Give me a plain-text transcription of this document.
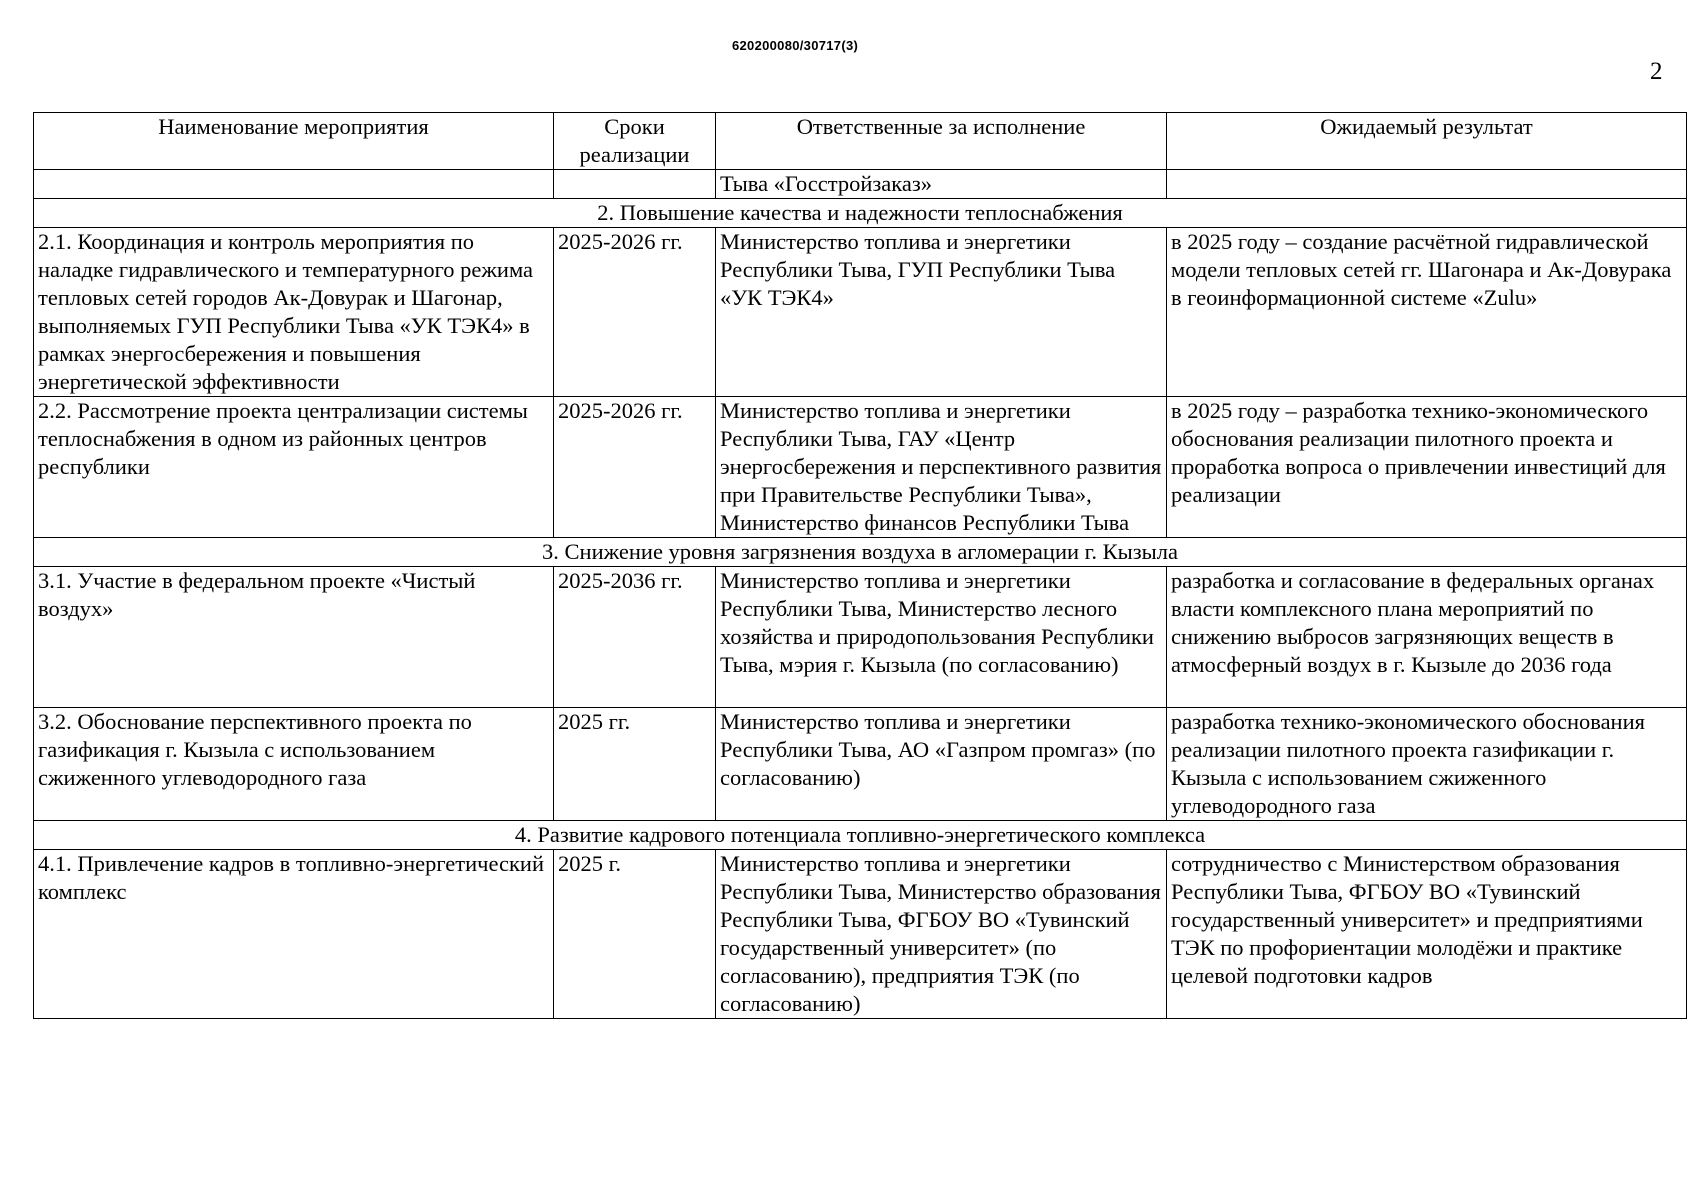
620200080/30717(3)
2
Наименование мероприятия	Сроки реализации	Ответственные за исполнение	Ожидаемый результат
		Тыва «Госстройзаказ»	
2. Повышение качества и надежности теплоснабжения			
2.1. Координация и контроль мероприятия по наладке гидравлического и температурного режима тепловых сетей городов Ак-Довурак и Шагонар, выполняемых ГУП Республики Тыва «УК ТЭК4» в рамках энергосбережения и повышения энергетической эффективности	2025-2026 гг.	Министерство топлива и энергетики Республики Тыва, ГУП Республики Тыва «УК ТЭК4»	в 2025 году – создание расчётной гидравлической модели тепловых сетей гг. Шагонара и Ак-Довурака в геоинформационной системе «Zulu»
2.2. Рассмотрение проекта централизации системы теплоснабжения в одном из районных центров республики	2025-2026 гг.	Министерство топлива и энергетики Республики Тыва, ГАУ «Центр энергосбережения и перспективного развития при Правительстве Республики Тыва», Министерство финансов Республики Тыва	в 2025 году – разработка технико-экономического обоснования реализации пилотного проекта и проработка вопроса о привлечении инвестиций для реализации
3. Снижение уровня загрязнения воздуха в агломерации г. Кызыла			
3.1. Участие в федеральном проекте «Чистый воздух»	2025-2036 гг.	Министерство топлива и энергетики Республики Тыва, Министерство лесного хозяйства и природопользования Республики Тыва, мэрия г. Кызыла (по согласованию)	разработка и согласование в федеральных органах власти комплексного плана мероприятий по снижению выбросов загрязняющих веществ в атмосферный воздух в г. Кызыле до 2036 года
3.2. Обоснование перспективного проекта по газификация г. Кызыла с использованием сжиженного углеводородного газа	2025 гг.	Министерство топлива и энергетики Республики Тыва, АО «Газпром промгаз» (по согласованию)	разработка технико-экономического обоснования реализации пилотного проекта газификации г. Кызыла с использованием сжиженного углеводородного газа
4. Развитие кадрового потенциала топливно-энергетического комплекса			
4.1. Привлечение кадров в топливно-энергетический комплекс	2025 г.	Министерство топлива и энергетики Республики Тыва, Министерство образования Республики Тыва, ФГБОУ ВО «Тувинский государственный университет» (по согласованию), предприятия ТЭК (по согласованию)	сотрудничество с Министерством образования Республики Тыва, ФГБОУ ВО «Тувинский государственный университет» и предприятиями ТЭК по профориентации молодёжи и практике целевой подготовки кадров
